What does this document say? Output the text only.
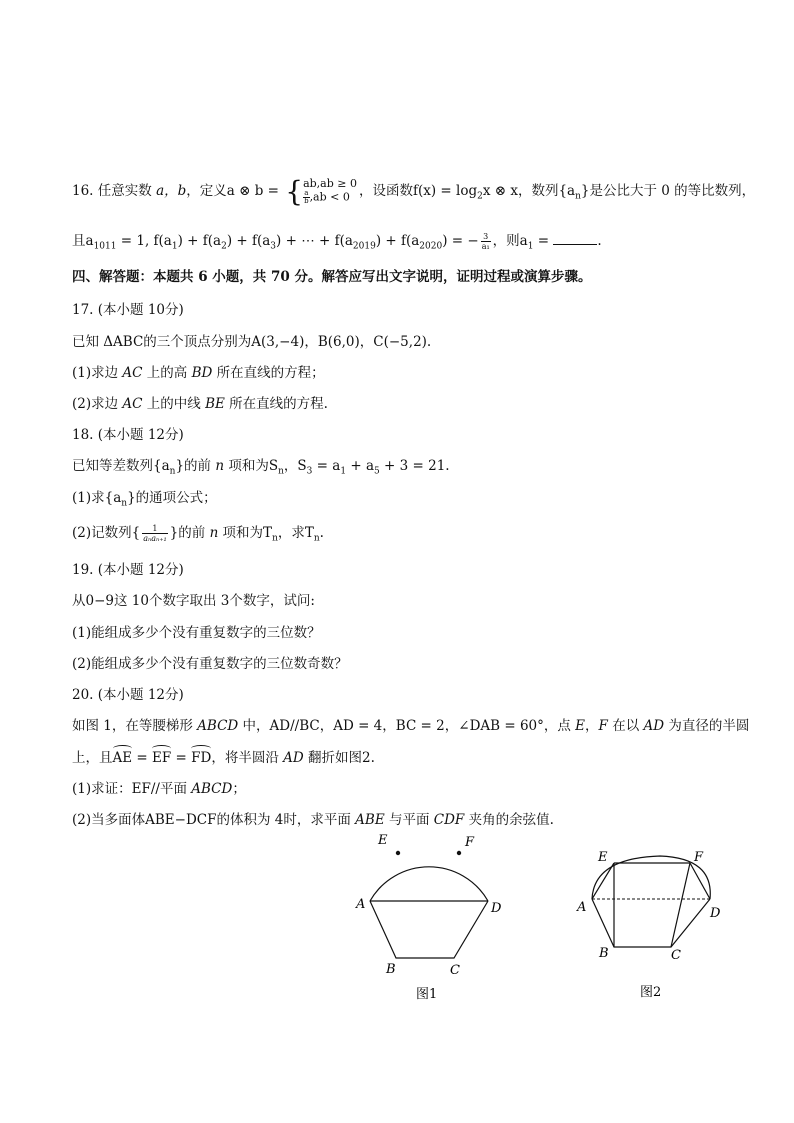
16. 任意实数 a，b，定义a ⊗ b = { ab,ab ≥ 0
$\frac{a}{b} ,ab < 0$ ，设函数$f(x) = \log_2x$ ⊗ x，数列$\{a_n\}$是公比大于 0 的等比数列，
且$a_{1011} = 1$, $f(a_1) + f(a_2) + f(a_3)$ + ⋯ + $f(a_{2019}) + f(a_{2020})$ = − $\frac{3}{\text{a₁}}$ ，则$a_1$ =	.
四、解答题：本题共 6 小题，共 70 分。解答应写出文字说明，证明过程或演算步骤。
17. (本小题 10分)
已知 ΔABC的三个顶点分别为A(3,−4)，B(6,0)，C(−5,2).
(1)求边 AC 上的高 BD 所在直线的方程；
(2)求边 AC 上的中线 BE 所在直线的方程.
18. (本小题 12分)
已知等差数列$\{a_n\}$的前 n 项和为$S_n$，$S_3 = a_1 + a_5 + 3 = 21$.
(1)求$\{a_n\}$的通项公式；
(2)记数列{ $\frac{1}{\text{aₙaₙ₊₁}}$ }的前 n 项和为$T_n$，求$T_n$.
19. (本小题 12分)
从0−9这 10个数字取出 3个数字，试问:
(1)能组成多少个没有重复数字的三位数？
(2)能组成多少个没有重复数字的三位数奇数？
20. (本小题 12分)
如图 1，在等腰梯形 ABCD 中，AD//BC，AD = 4，BC = 2，∠DAB = 60°，点 E，F 在以 AD 为直径的半圆
上，且AE = EF = FD，将半圆沿 AD 翻折如图2.
(1)求证：EF//平面 ABCD；
(2)当多面体ABE−DCF的体积为 4时，求平面 ABE 与平面 CDF 夹角的余弦值.
E	F
A	D
B	C
图1
E	F
A	D
B	C
图2
